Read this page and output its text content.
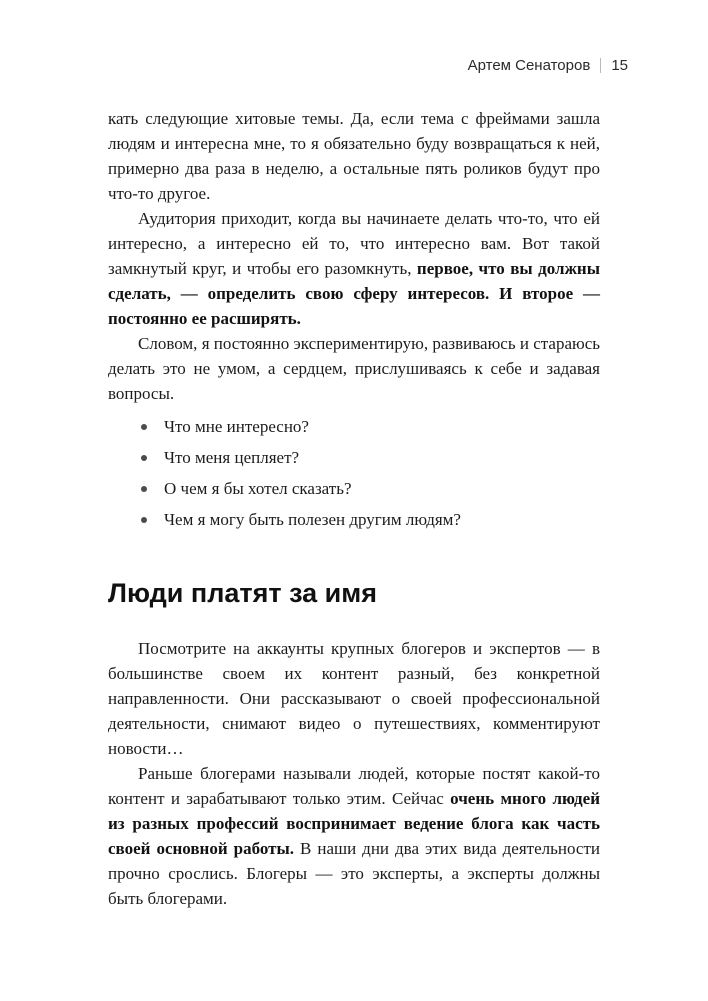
Артем Сенаторов 15

кать следующие хитовые темы. Да, если тема с фреймами зашла людям и интересна мне, то я обязательно буду возвращаться к ней, примерно два раза в неделю, а остальные пять роликов будут про что-то другое.

Аудитория приходит, когда вы начинаете делать что-то, что ей интересно, а интересно ей то, что интересно вам. Вот такой замкнутый круг, и чтобы его разомкнуть, первое, что вы должны сделать, — определить свою сферу интересов. И второе — постоянно ее расширять.

Словом, я постоянно экспериментирую, развиваюсь и стараюсь делать это не умом, а сердцем, прислушиваясь к себе и задавая вопросы.

Что мне интересно?
Что меня цепляет?
О чем я бы хотел сказать?
Чем я могу быть полезен другим людям?
Люди платят за имя

Посмотрите на аккаунты крупных блогеров и экспертов — в большинстве своем их контент разный, без конкретной направленности. Они рассказывают о своей профессиональной деятельности, снимают видео о путешествиях, комментируют новости…

Раньше блогерами называли людей, которые постят какой-то контент и зарабатывают только этим. Сейчас очень много людей из разных профессий воспринимает ведение блога как часть своей основной работы. В наши дни два этих вида деятельности прочно срослись. Блогеры — это эксперты, а эксперты должны быть блогерами.
